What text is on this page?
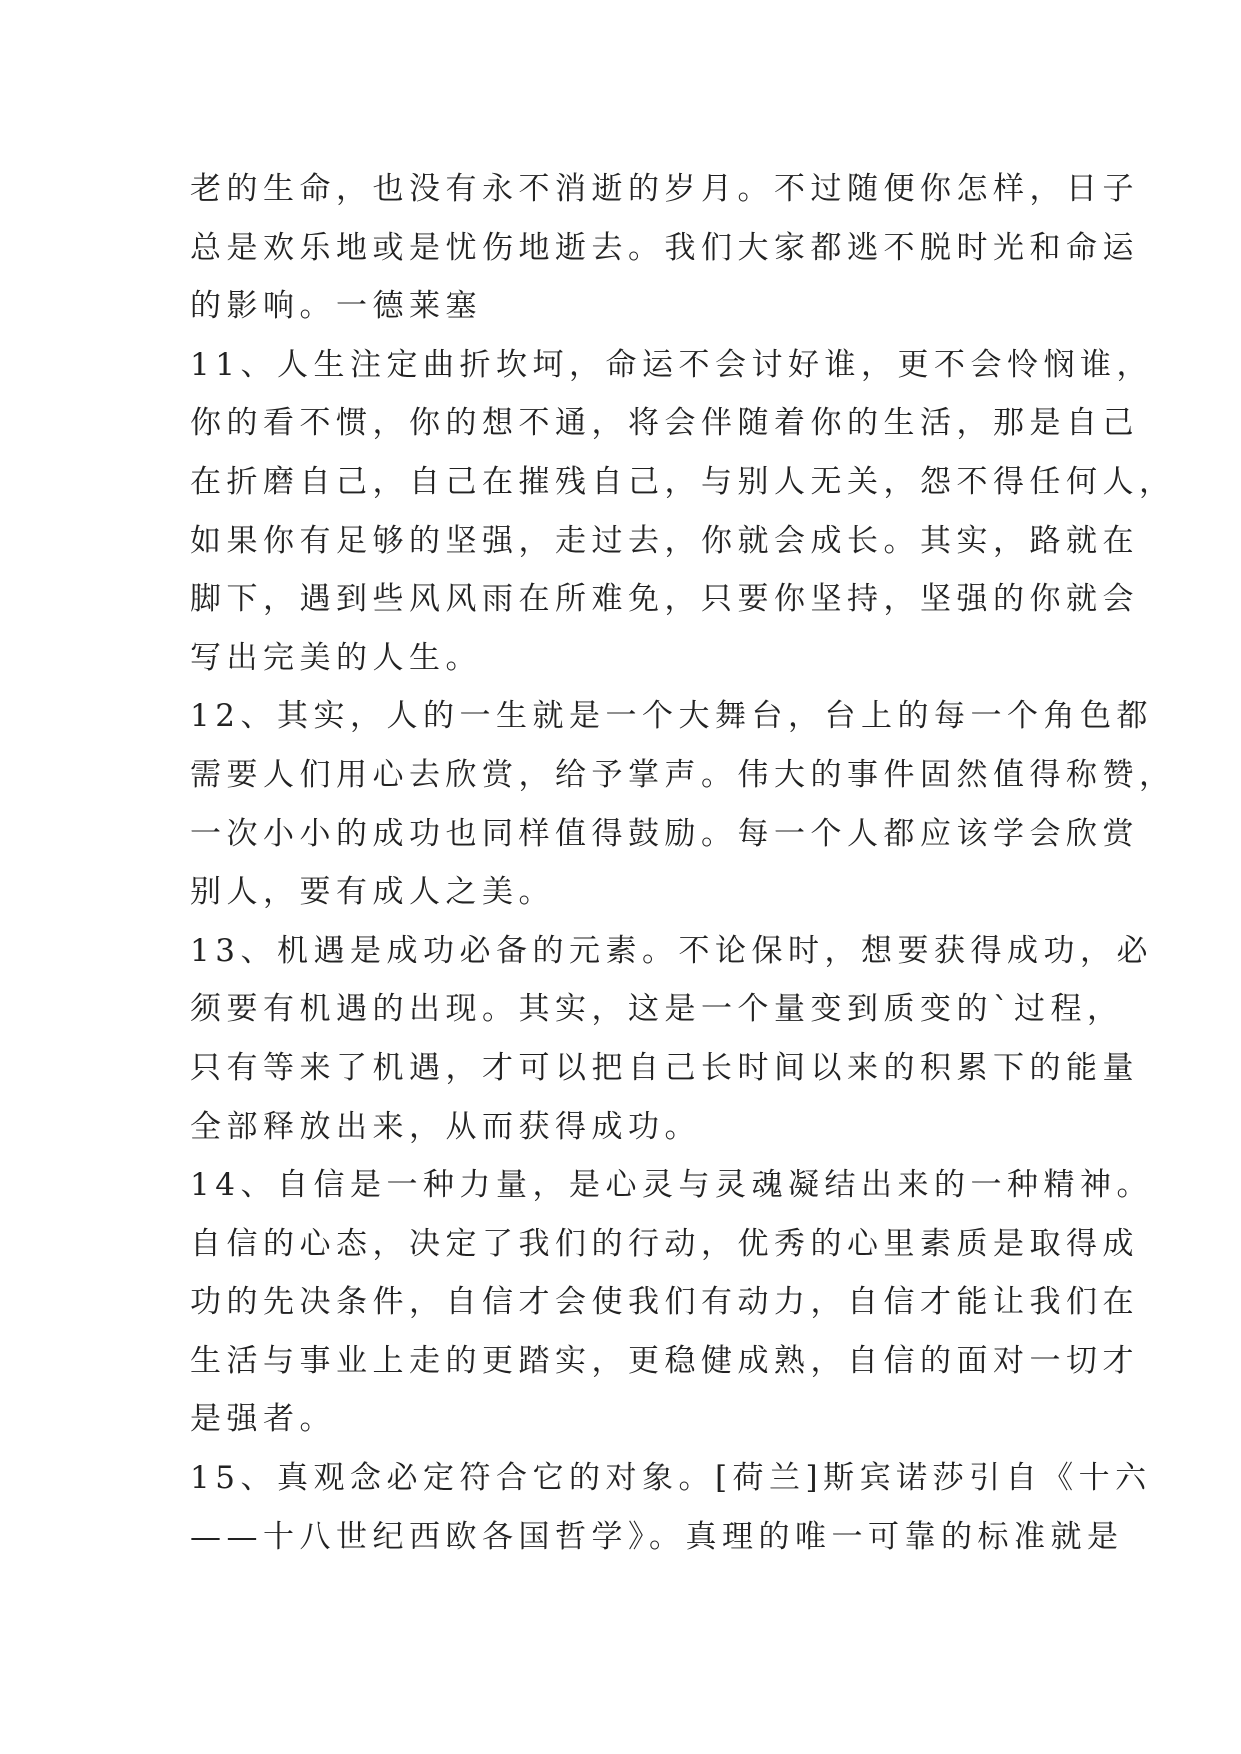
老的生命，也没有永不消逝的岁月。不过随便你怎样，日子
总是欢乐地或是忧伤地逝去。我们大家都逃不脱时光和命运
的影响。一德莱塞
11、人生注定曲折坎坷，命运不会讨好谁，更不会怜悯谁，
你的看不惯，你的想不通，将会伴随着你的生活，那是自己
在折磨自己，自己在摧残自己，与别人无关，怨不得任何人，
如果你有足够的坚强，走过去，你就会成长。其实，路就在
脚下，遇到些风风雨在所难免，只要你坚持，坚强的你就会
写出完美的人生。
12、其实，人的一生就是一个大舞台，台上的每一个角色都
需要人们用心去欣赏，给予掌声。伟大的事件固然值得称赞，
一次小小的成功也同样值得鼓励。每一个人都应该学会欣赏
别人，要有成人之美。
13、机遇是成功必备的元素。不论保时，想要获得成功，必
须要有机遇的出现。其实，这是一个量变到质变的`过程，
只有等来了机遇，才可以把自己长时间以来的积累下的能量
全部释放出来，从而获得成功。
14、自信是一种力量，是心灵与灵魂凝结出来的一种精神。
自信的心态，决定了我们的行动，优秀的心里素质是取得成
功的先决条件，自信才会使我们有动力，自信才能让我们在
生活与事业上走的更踏实，更稳健成熟，自信的面对一切才
是强者。
15、真观念必定符合它的对象。[荷兰]斯宾诺莎引自《十六
——十八世纪西欧各国哲学》。真理的唯一可靠的标准就是
